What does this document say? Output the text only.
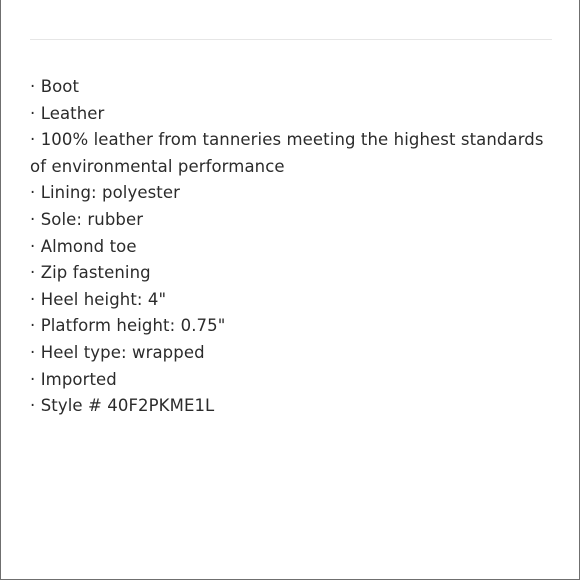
· Boot
· Leather
· 100% leather from tanneries meeting the highest standards of environmental performance
· Lining: polyester
· Sole: rubber
· Almond toe
· Zip fastening
· Heel height: 4"
· Platform height: 0.75"
· Heel type: wrapped
· Imported
· Style # 40F2PKME1L
